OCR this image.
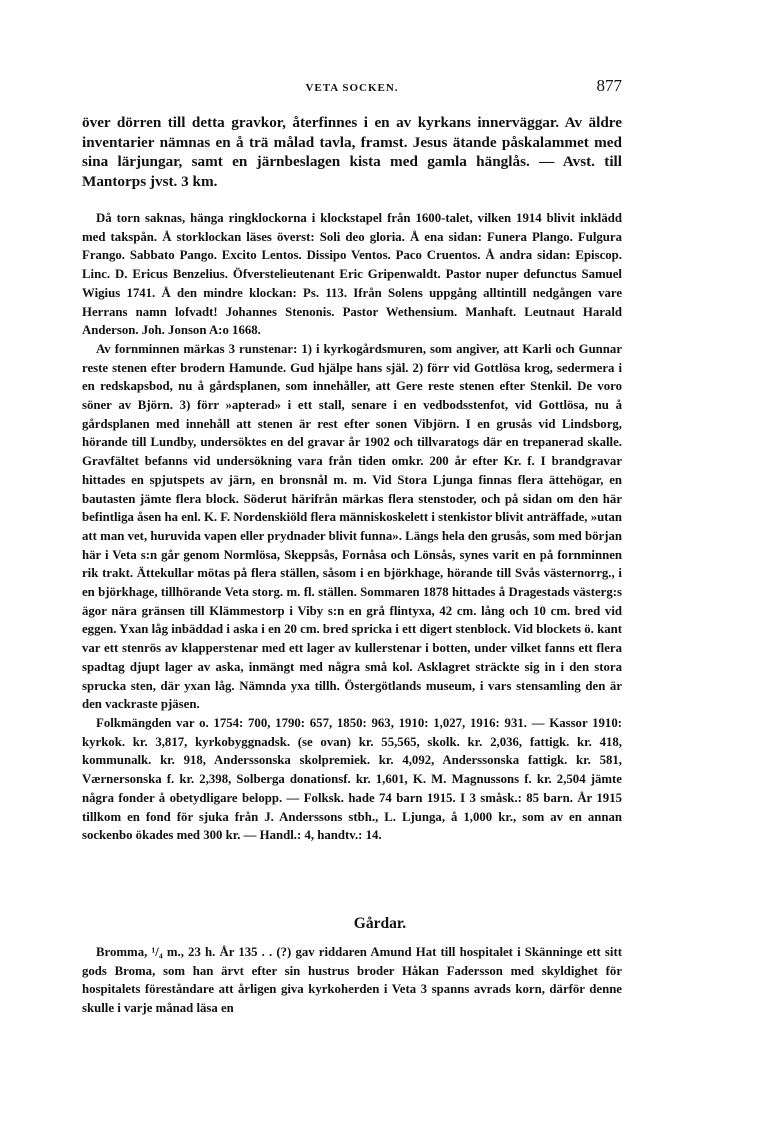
VETA SOCKEN.	877
över dörren till detta gravkor, återfinnes i en av kyrkans innerväggar. Av äldre inventarier nämnas en å trä målad tavla, framst. Jesus ätande påskalammet med sina lärjungar, samt en järnbeslagen kista med gamla hänglås. — Avst. till Mantorps jvst. 3 km.

Då torn saknas, hänga ringklockorna i klockstapel från 1600-talet, vilken 1914 blivit inklädd med takspån. Å storklockan läses överst: Soli deo gloria. Å ena sidan: Funera Plango. Fulgura Frango. Sabbato Pango. Excito Lentos. Dissipo Ventos. Paco Cruentos. Å andra sidan: Episcop. Linc. D. Ericus Benzelius. Öfverstelieutenant Eric Gripenwaldt. Pastor nuper defunctus Samuel Wigius 1741. Å den mindre klockan: Ps. 113. Ifrån Solens uppgång alltintill nedgången vare Herrans namn lofvadt! Johannes Stenonis. Pastor Wethensium. Manhaft. Leutnaut Harald Anderson. Joh. Jonson A:o 1668.

Av fornminnen märkas 3 runstenar: 1) i kyrkogårdsmuren, som angiver, att Karli och Gunnar reste stenen efter brodern Hamunde. Gud hjälpe hans själ. 2) förr vid Gottlösa krog, sedermera i en redskapsbod, nu å gårdsplanen, som innehåller, att Gere reste stenen efter Stenkil. De voro söner av Björn. 3) förr »apterad» i ett stall, senare i en vedbodsstenfot, vid Gottlösa, nu å gårdsplanen med innehåll att stenen är rest efter sonen Vibjörn. I en grusås vid Lindsborg, hörande till Lundby, undersöktes en del gravar år 1902 och tillvaratogs där en trepanerad skalle. Gravfältet befanns vid undersökning vara från tiden omkr. 200 år efter Kr. f. I brandgravar hittades en spjutspets av järn, en bronsnål m. m. Vid Stora Ljunga finnas flera ättehögar, en bautasten jämte flera block. Söderut härifrån märkas flera stenstoder, och på sidan om den här befintliga åsen ha enl. K. F. Nordenskiöld flera människoskelett i stenkistor blivit anträffade, »utan att man vet, huruvida vapen eller prydnader blivit funna». Längs hela den grusås, som med början här i Veta s:n går genom Normlösa, Skeppsås, Fornåsa och Lönsås, synes varit en på fornminnen rik trakt. Ättekullar mötas på flera ställen, såsom i en björkhage, hörande till Svås västernorrg., i en björkhage, tillhörande Veta storg. m. fl. ställen. Sommaren 1878 hittades å Dragestads västerg:s ägor nära gränsen till Klämmestorp i Viby s:n en grå flintyxa, 42 cm. lång och 10 cm. bred vid eggen. Yxan låg inbäddad i aska i en 20 cm. bred spricka i ett digert stenblock. Vid blockets ö. kant var ett stenrös av klapperstenar med ett lager av kullerstenar i botten, under vilket fanns ett flera spadtag djupt lager av aska, inmängt med några små kol. Asklagret sträckte sig in i den stora sprucka sten, där yxan låg. Nämnda yxa tillh. Östergötlands museum, i vars stensamling den är den vackraste pjäsen.

Folkmängden var o. 1754: 700, 1790: 657, 1850: 963, 1910: 1,027, 1916: 931. — Kassor 1910: kyrkok. kr. 3,817, kyrkobyggnadsk. (se ovan) kr. 55,565, skolk. kr. 2,036, fattigk. kr. 418, kommunalk. kr. 918, Anderssonska skolpremiek. kr. 4,092, Anderssonska fattigk. kr. 581, Værnersonska f. kr. 2,398, Solberga donationsf. kr. 1,601, K. M. Magnussons f. kr. 2,504 jämte några fonder å obetydligare belopp. — Folksk. hade 74 barn 1915. I 3 småsk.: 85 barn. År 1915 tillkom en fond för sjuka från J. Anderssons stbh., L. Ljunga, å 1,000 kr., som av en annan sockenbo ökades med 300 kr. — Handl.: 4, handtv.: 14.

Gårdar.

Bromma, ¹/₄ m., 23 h. År 135 . . (?) gav riddaren Amund Hat till hospitalet i Skänninge ett sitt gods Broma, som han ärvt efter sin hustrus broder Håkan Fadersson med skyldighet för hospitalets föreståndare att årligen giva kyrkoherden i Veta 3 spanns avrads korn, därför denne skulle i varje månad läsa en
